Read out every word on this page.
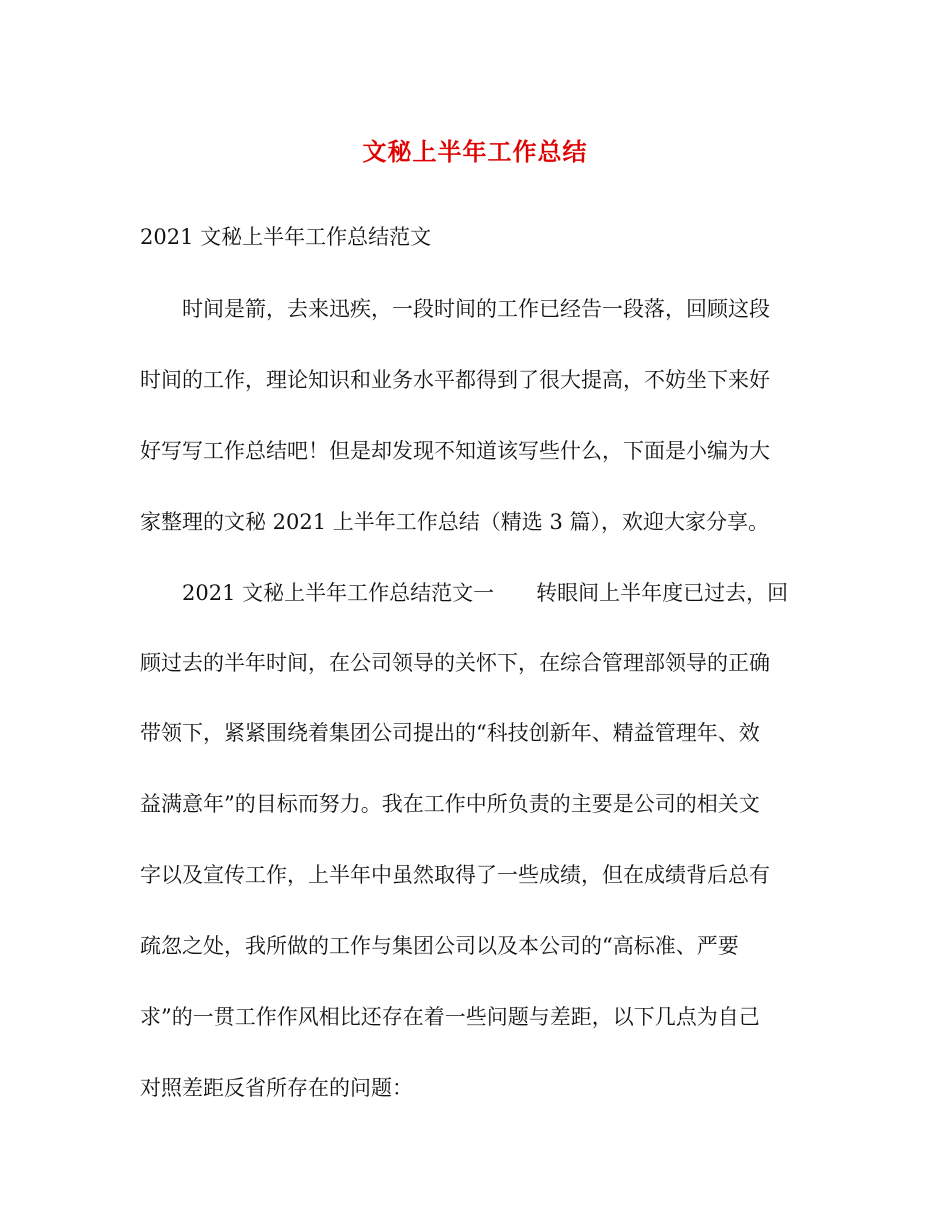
文秘上半年工作总结
2021 文秘上半年工作总结范文
　　时间是箭，去来迅疾，一段时间的工作已经告一段落，回顾这段
时间的工作，理论知识和业务水平都得到了很大提高，不妨坐下来好
好写写工作总结吧！但是却发现不知道该写些什么，下面是小编为大
家整理的文秘 2021 上半年工作总结（精选 3 篇），欢迎大家分享。
　　2021 文秘上半年工作总结范文一　　转眼间上半年度已过去，回
顾过去的半年时间，在公司领导的关怀下，在综合管理部领导的正确
带领下，紧紧围绕着集团公司提出的“科技创新年、精益管理年、效
益满意年”的目标而努力。我在工作中所负责的主要是公司的相关文
字以及宣传工作，上半年中虽然取得了一些成绩，但在成绩背后总有
疏忽之处，我所做的工作与集团公司以及本公司的“高标准、严要
求”的一贯工作作风相比还存在着一些问题与差距，以下几点为自己
对照差距反省所存在的问题：
